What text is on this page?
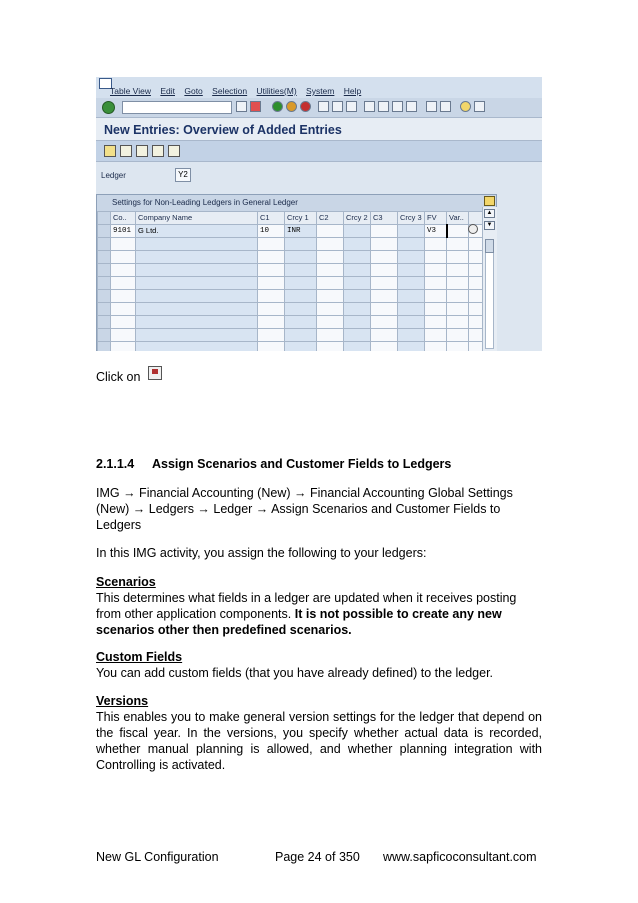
Table View Edit Goto Selection Utilities(M) System Help
New Entries: Overview of Added Entries
Ledger	Y2
Settings for Non-Leading Ledgers in General Ledger
	Co..	Company Name	C1	Crcy 1	C2	Crcy 2	C3	Crcy 3	FV	Var..	
	9101	G Ltd.	10	INR					V3		

▲
▼
Click on
2.1.1.4 Assign Scenarios and Customer Fields to Ledgers
IMG → Financial Accounting (New) → Financial Accounting Global Settings (New) → Ledgers → Ledger → Assign Scenarios and Customer Fields to Ledgers
In this IMG activity, you assign the following to your ledgers:
Scenarios
This determines what fields in a ledger are updated when it receives posting from other application components. It is not possible to create any new scenarios other then predefined scenarios.
Custom Fields
You can add custom fields (that you have already defined) to the ledger.
Versions
This enables you to make general version settings for the ledger that depend on the fiscal year. In the versions, you specify whether actual data is recorded, whether manual planning is allowed, and whether planning integration with Controlling is activated.
New GL Configuration	Page 24 of 350 www.sapficoconsultant.com
